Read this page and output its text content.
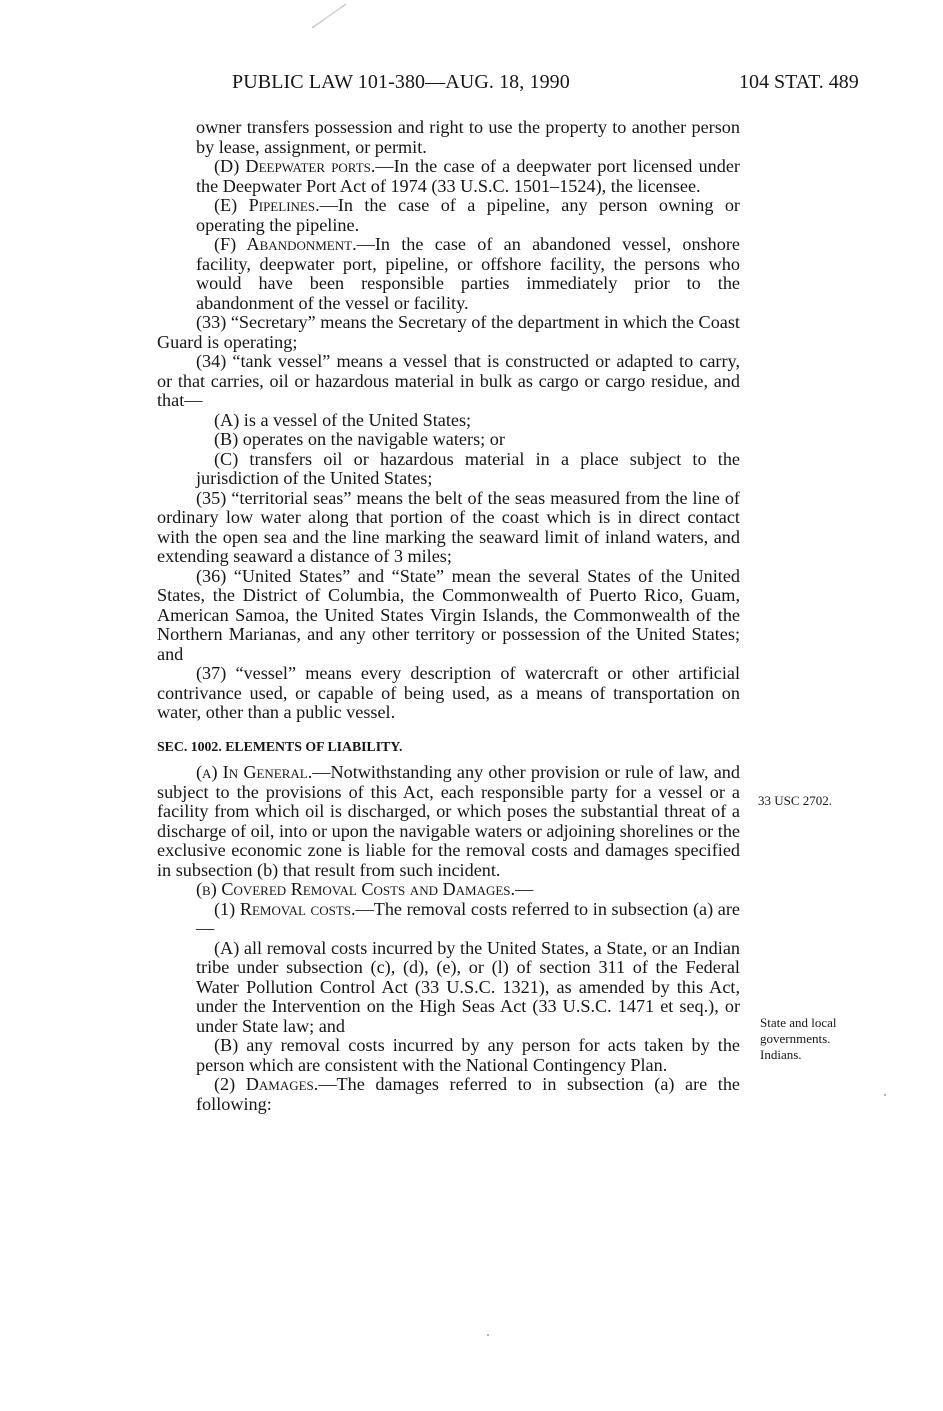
PUBLIC LAW 101-380—AUG. 18, 1990	104 STAT. 489

owner transfers possession and right to use the property to another person by lease, assignment, or permit.

(D) Deepwater ports.—In the case of a deepwater port licensed under the Deepwater Port Act of 1974 (33 U.S.C. 1501–1524), the licensee.

(E) Pipelines.—In the case of a pipeline, any person owning or operating the pipeline.

(F) Abandonment.—In the case of an abandoned vessel, onshore facility, deepwater port, pipeline, or offshore facility, the persons who would have been responsible parties immediately prior to the abandonment of the vessel or facility.

(33) “Secretary” means the Secretary of the department in which the Coast Guard is operating;

(34) “tank vessel” means a vessel that is constructed or adapted to carry, or that carries, oil or hazardous material in bulk as cargo or cargo residue, and that—

(A) is a vessel of the United States;

(B) operates on the navigable waters; or

(C) transfers oil or hazardous material in a place subject to the jurisdiction of the United States;

(35) “territorial seas” means the belt of the seas measured from the line of ordinary low water along that portion of the coast which is in direct contact with the open sea and the line marking the seaward limit of inland waters, and extending seaward a distance of 3 miles;

(36) “United States” and “State” mean the several States of the United States, the District of Columbia, the Commonwealth of Puerto Rico, Guam, American Samoa, the United States Virgin Islands, the Commonwealth of the Northern Marianas, and any other territory or possession of the United States; and

(37) “vessel” means every description of watercraft or other artificial contrivance used, or capable of being used, as a means of transportation on water, other than a public vessel.

SEC. 1002. ELEMENTS OF LIABILITY.

(a) In General.—Notwithstanding any other provision or rule of law, and subject to the provisions of this Act, each responsible party for a vessel or a facility from which oil is discharged, or which poses the substantial threat of a discharge of oil, into or upon the navigable waters or adjoining shorelines or the exclusive economic zone is liable for the removal costs and damages specified in subsection (b) that result from such incident.

(b) Covered Removal Costs and Damages.—

(1) Removal costs.—The removal costs referred to in subsection (a) are—

(A) all removal costs incurred by the United States, a State, or an Indian tribe under subsection (c), (d), (e), or (l) of section 311 of the Federal Water Pollution Control Act (33 U.S.C. 1321), as amended by this Act, under the Intervention on the High Seas Act (33 U.S.C. 1471 et seq.), or under State law; and

(B) any removal costs incurred by any person for acts taken by the person which are consistent with the National Contingency Plan.

(2) Damages.—The damages referred to in subsection (a) are the following:

33 USC 2702.
State and local
governments.
Indians.
